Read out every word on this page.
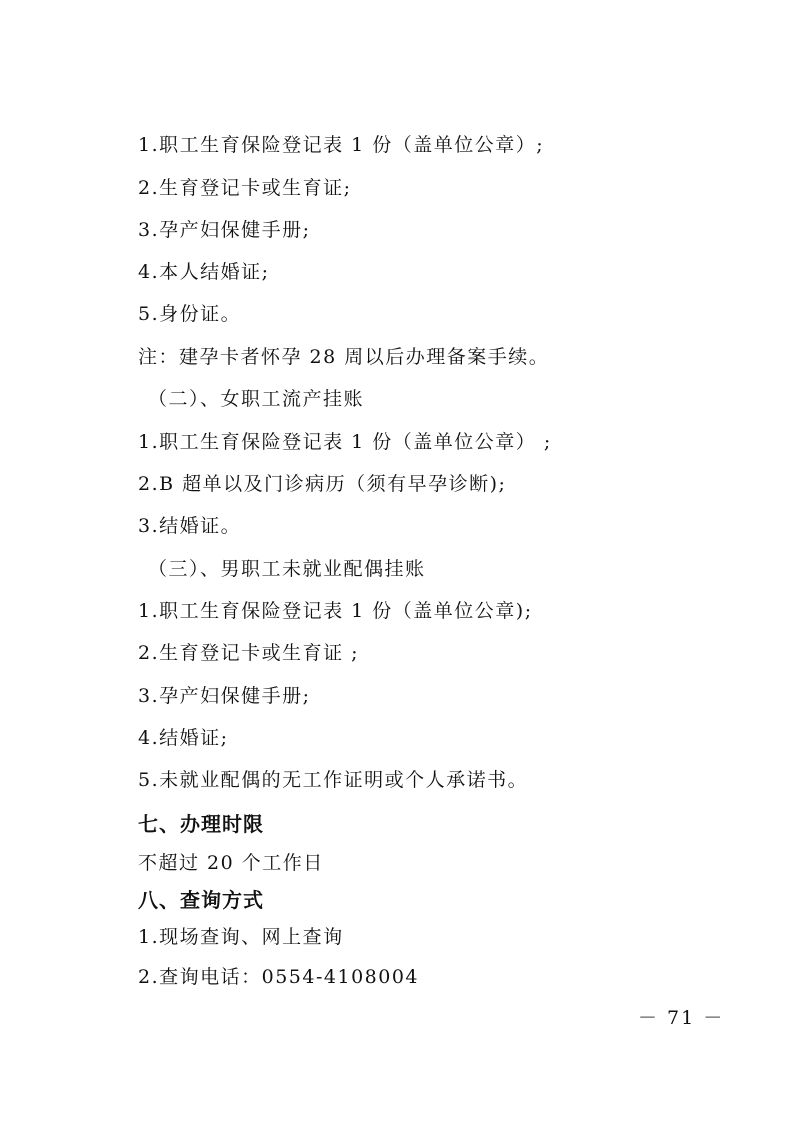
1.职工生育保险登记表 1 份（盖单位公章）;
2.生育登记卡或生育证;
3.孕产妇保健手册;
4.本人结婚证;
5.身份证。
注：建孕卡者怀孕 28 周以后办理备案手续。
（二）、女职工流产挂账
1.职工生育保险登记表 1 份（盖单位公章） ;
2.B 超单以及门诊病历（须有早孕诊断);
3.结婚证。
（三）、男职工未就业配偶挂账
1.职工生育保险登记表 1 份（盖单位公章);
2.生育登记卡或生育证 ;
3.孕产妇保健手册;
4.结婚证;
5.未就业配偶的无工作证明或个人承诺书。
七、办理时限
不超过 20 个工作日
八、查询方式
1.现场查询、网上查询
2.查询电话：0554-4108004
－ 71 －
